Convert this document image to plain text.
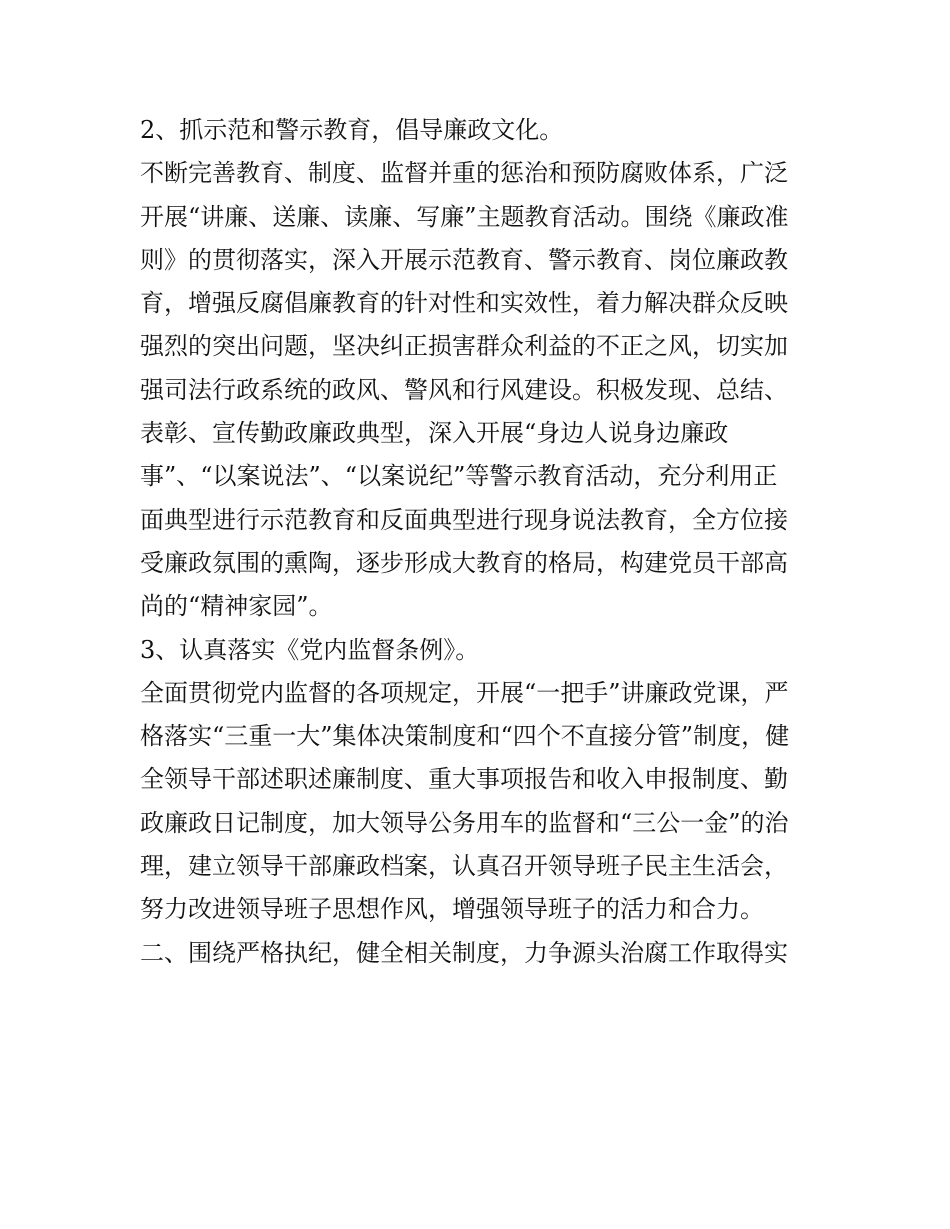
2、抓示范和警示教育，倡导廉政文化。
不断完善教育、制度、监督并重的惩治和预防腐败体系，广泛
开展“讲廉、送廉、读廉、写廉”主题教育活动。围绕《廉政准
则》的贯彻落实，深入开展示范教育、警示教育、岗位廉政教
育，增强反腐倡廉教育的针对性和实效性，着力解决群众反映
强烈的突出问题，坚决纠正损害群众利益的不正之风，切实加
强司法行政系统的政风、警风和行风建设。积极发现、总结、
表彰、宣传勤政廉政典型，深入开展“身边人说身边廉政
事”、“以案说法”、“以案说纪”等警示教育活动，充分利用正
面典型进行示范教育和反面典型进行现身说法教育，全方位接
受廉政氛围的熏陶，逐步形成大教育的格局，构建党员干部高
尚的“精神家园”。
3、认真落实《党内监督条例》。
全面贯彻党内监督的各项规定，开展“一把手”讲廉政党课，严
格落实“三重一大”集体决策制度和“四个不直接分管”制度，健
全领导干部述职述廉制度、重大事项报告和收入申报制度、勤
政廉政日记制度，加大领导公务用车的监督和“三公一金”的治
理，建立领导干部廉政档案，认真召开领导班子民主生活会，
努力改进领导班子思想作风，增强领导班子的活力和合力。
二、围绕严格执纪，健全相关制度，力争源头治腐工作取得实
